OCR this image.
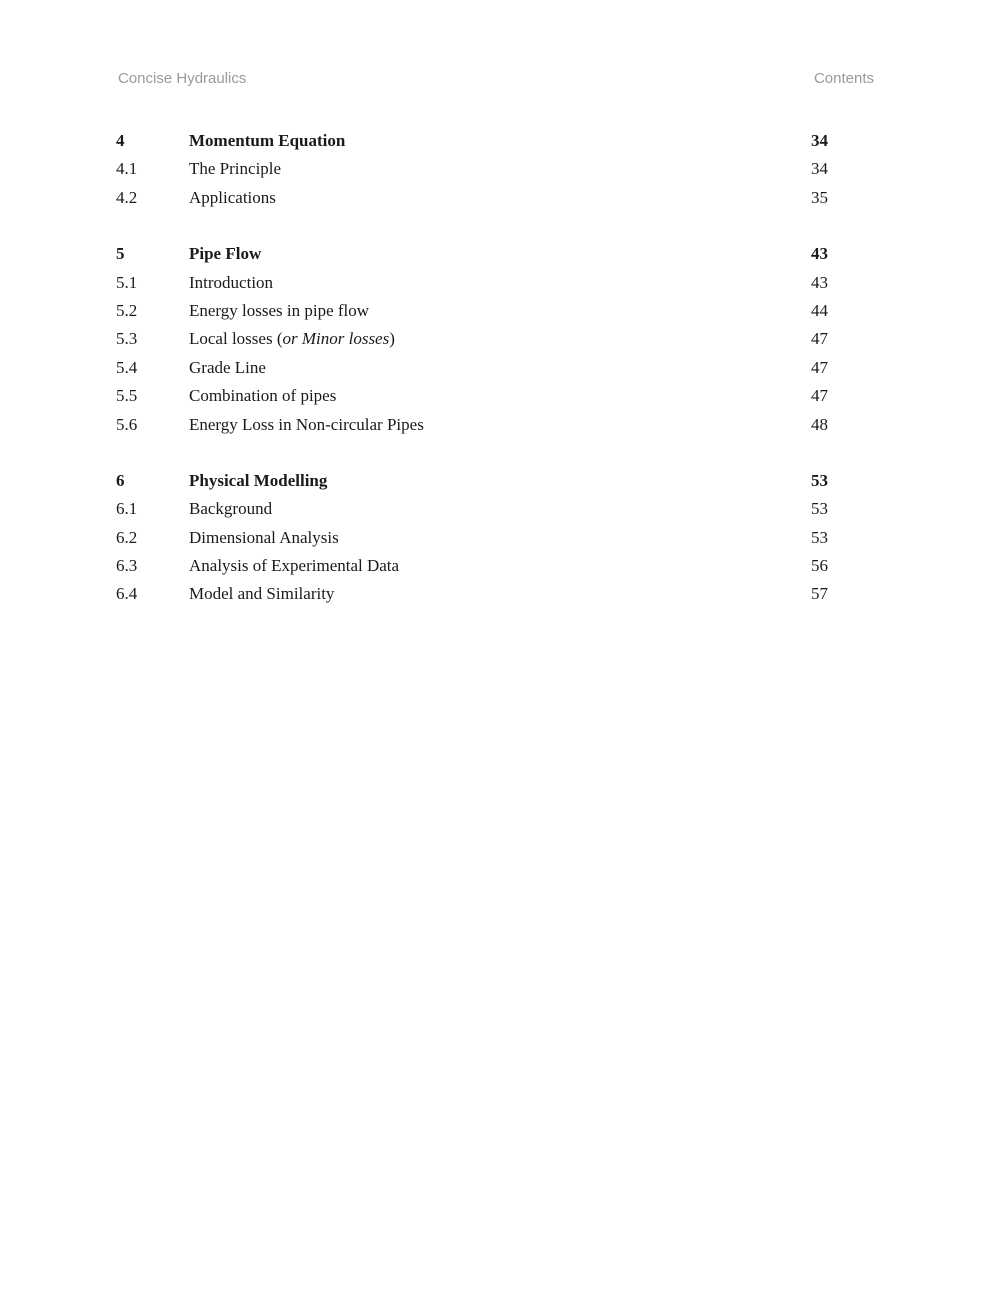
Concise Hydraulics	Contents
4	Momentum Equation	34
4.1	The Principle	34
4.2	Applications	35
5	Pipe Flow	43
5.1	Introduction	43
5.2	Energy losses in pipe flow	44
5.3	Local losses (or Minor losses)	47
5.4	Grade Line	47
5.5	Combination of pipes	47
5.6	Energy Loss in Non-circular Pipes	48
6	Physical Modelling	53
6.1	Background	53
6.2	Dimensional Analysis	53
6.3	Analysis of Experimental Data	56
6.4	Model and Similarity	57
